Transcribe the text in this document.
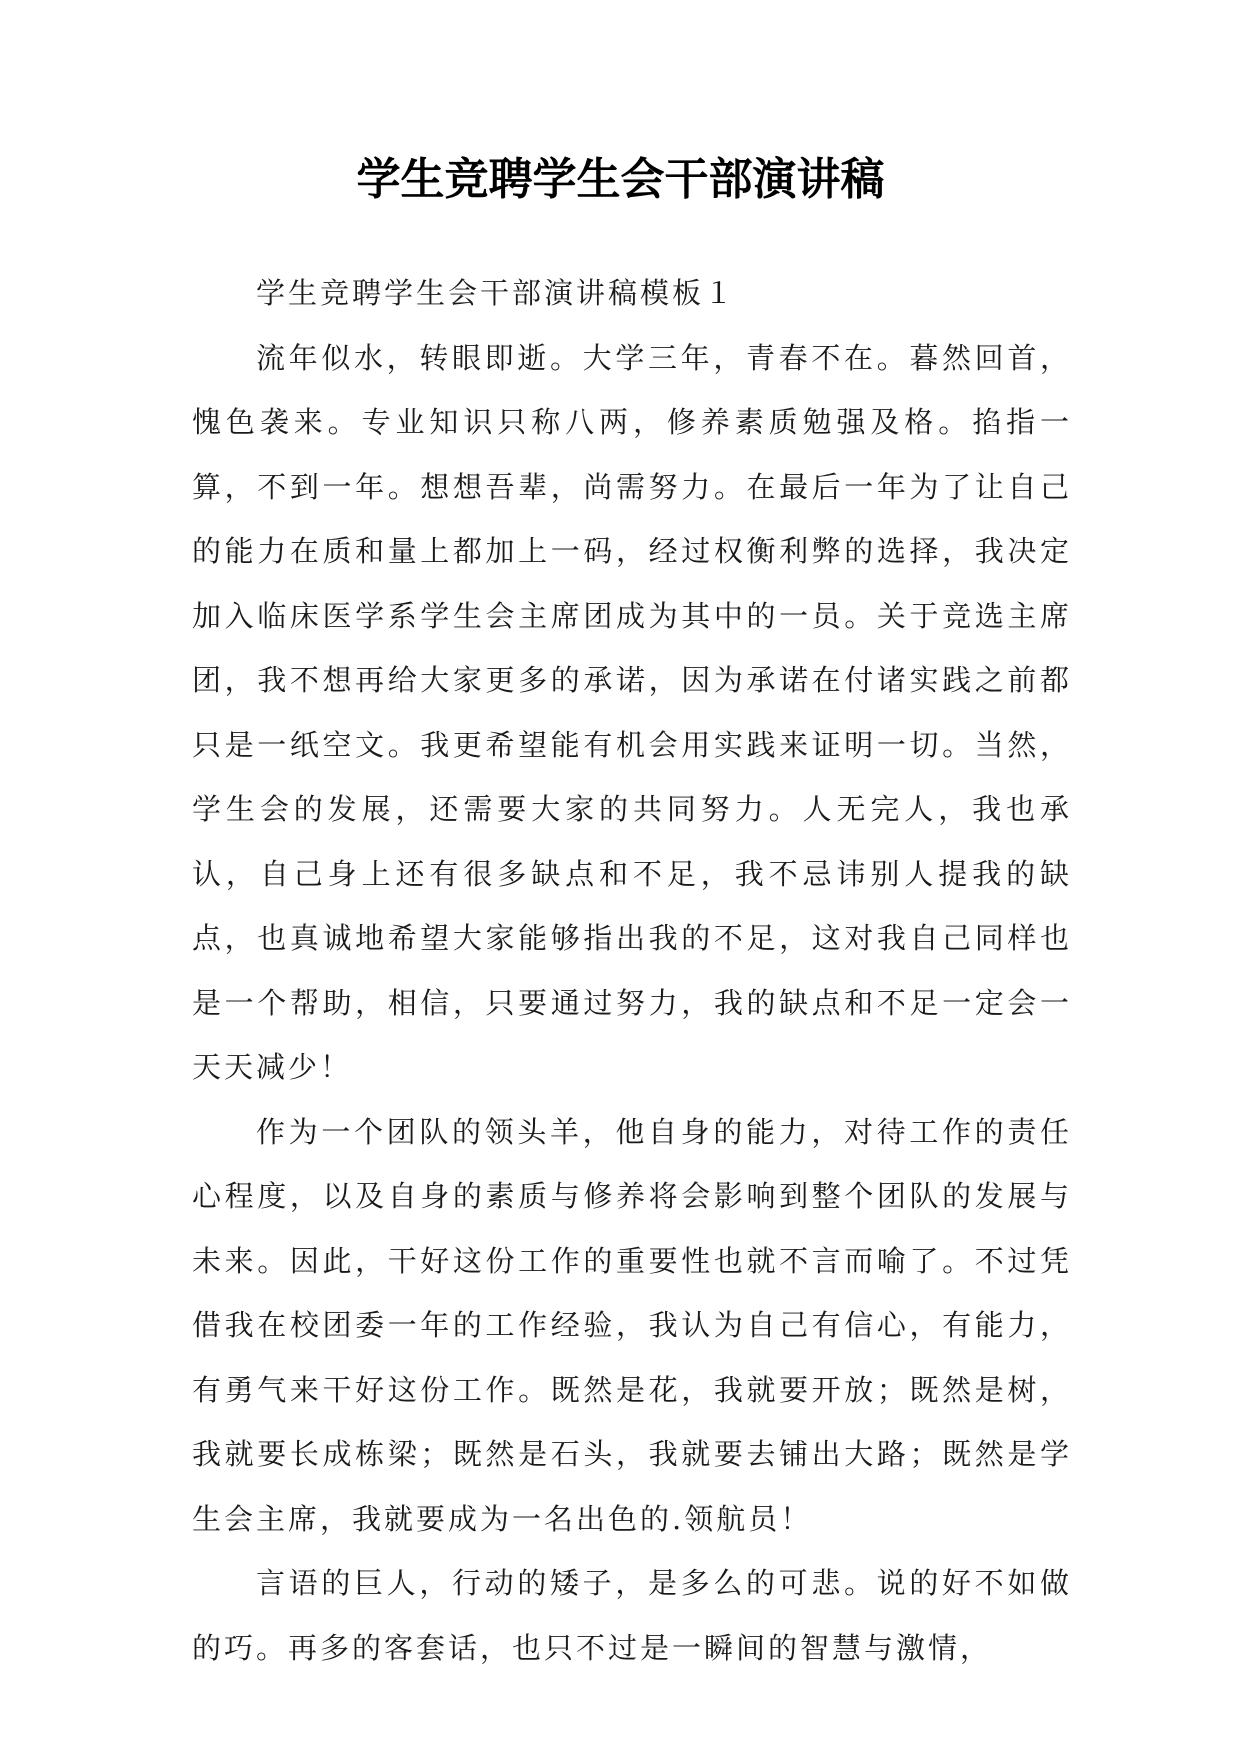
学生竞聘学生会干部演讲稿

学生竞聘学生会干部演讲稿模板１

流年似水，转眼即逝。大学三年，青春不在。暮然回首，愧色袭来。专业知识只称八两，修养素质勉强及格。掐指一算，不到一年。想想吾辈，尚需努力。在最后一年为了让自己的能力在质和量上都加上一码，经过权衡利弊的选择，我决定加入临床医学系学生会主席团成为其中的一员。关于竞选主席团，我不想再给大家更多的承诺，因为承诺在付诸实践之前都只是一纸空文。我更希望能有机会用实践来证明一切。当然，学生会的发展，还需要大家的共同努力。人无完人，我也承认，自己身上还有很多缺点和不足，我不忌讳别人提我的缺点，也真诚地希望大家能够指出我的不足，这对我自己同样也是一个帮助，相信，只要通过努力，我的缺点和不足一定会一天天减少！

作为一个团队的领头羊，他自身的能力，对待工作的责任心程度，以及自身的素质与修养将会影响到整个团队的发展与未来。因此，干好这份工作的重要性也就不言而喻了。不过凭借我在校团委一年的工作经验，我认为自己有信心，有能力，有勇气来干好这份工作。既然是花，我就要开放；既然是树，我就要长成栋梁；既然是石头，我就要去铺出大路；既然是学生会主席，我就要成为一名出色的.领航员！

言语的巨人，行动的矮子，是多么的可悲。说的好不如做的巧。再多的客套话，也只不过是一瞬间的智慧与激情，
